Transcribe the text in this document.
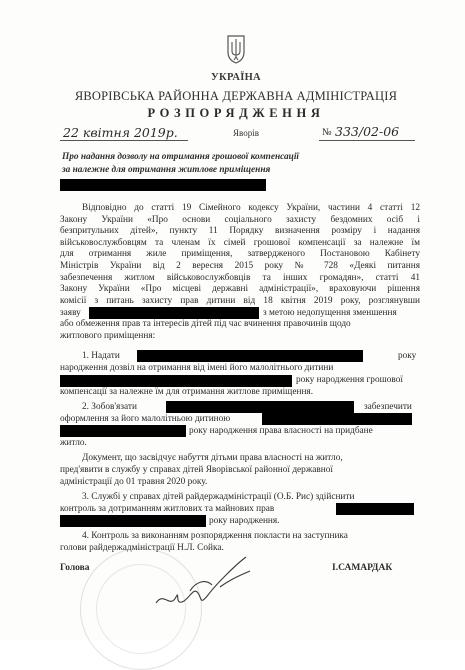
УКРАЇНА
ЯВОРІВСЬКА РАЙОННА ДЕРЖАВНА АДМІНІСТРАЦІЯ
РОЗПОРЯДЖЕННЯ
22 квітня 2019р.	Яворів	№ 333/02-06
Про надання дозволу на отримання грошової компенсації
за належне для отримання житлове приміщення
Відповідно до статті 19 Сімейного кодексу України, частини 4 статті 12
Закону України «Про основи соціального захисту бездомних осіб і
безпритульних дітей», пункту 11 Порядку визначення розміру і надання
військовослужбовцям та членам їх сімей грошової компенсації за належне їм
для отримання жиле приміщення, затвердженого Постановою Кабінету
Міністрів України від 2 вересня 2015 року № 728 «Деякі питання
забезпечення житлом військовослужбовців та інших громадян», статті 41
Закону України «Про місцеві державні адміністрації», враховуючи рішення
комісії з питань захисту прав дитини від 18 квітня 2019 року, розглянувши
заяву	з метою недопущення зменшення
або обмеження прав та інтересів дітей під час вчинення правочинів щодо
житлового приміщення:
1. Надати	року
народження дозвіл на отримання від імені його малолітнього дитини
року народження грошової
компенсації за належне їм для отримання житлове приміщення.
2. Зобов'язати	забезпечити
оформлення за його малолітньою дитиною
року народження права власності на придбане
житло.
Документ, що засвідчує набуття дітьми права власності на житло,
пред'явити в службу у справах дітей Яворівської районної державної
адміністрації до 01 травня 2020 року.
3. Службі у справах дітей райдержадміністрації (О.Б. Рис) здійснити
контроль за дотриманням житлових та майнових прав
року народження.
4. Контроль за виконанням розпорядження покласти на заступника
голови райдержадміністрації Н.Л. Сойка.
Голова	І.САМАРДАК
